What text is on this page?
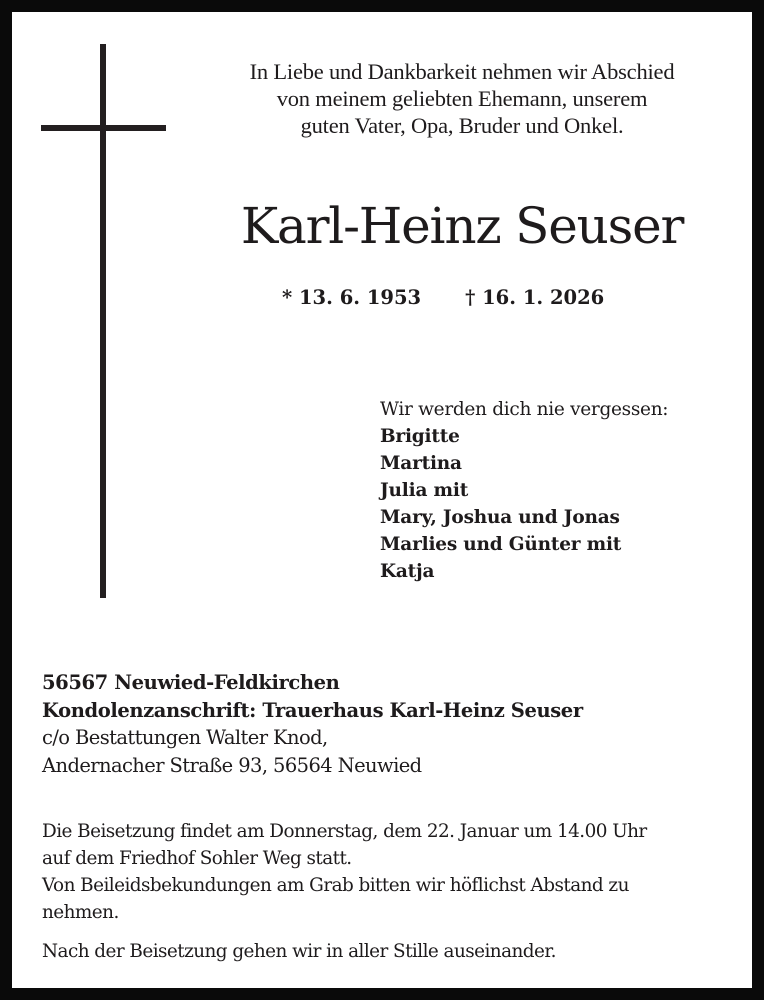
In Liebe und Dankbarkeit nehmen wir Abschied
von meinem geliebten Ehemann, unserem
guten Vater, Opa, Bruder und Onkel.
Karl-Heinz Seuser
* 13. 6. 1953 † 16. 1. 2026
Wir werden dich nie vergessen:
Brigitte
Martina
Julia mit
Mary, Joshua und Jonas
Marlies und Günter mit
Katja
56567 Neuwied-Feldkirchen
Kondolenzanschrift: Trauerhaus Karl-Heinz Seuser
c/o Bestattungen Walter Knod,
Andernacher Straße 93, 56564 Neuwied

Die Beisetzung findet am Donnerstag, dem 22. Januar um 14.00 Uhr

auf dem Friedhof Sohler Weg statt.

Von Beileidsbekundungen am Grab bitten wir höflichst Abstand zu

nehmen.

Nach der Beisetzung gehen wir in aller Stille auseinander.
